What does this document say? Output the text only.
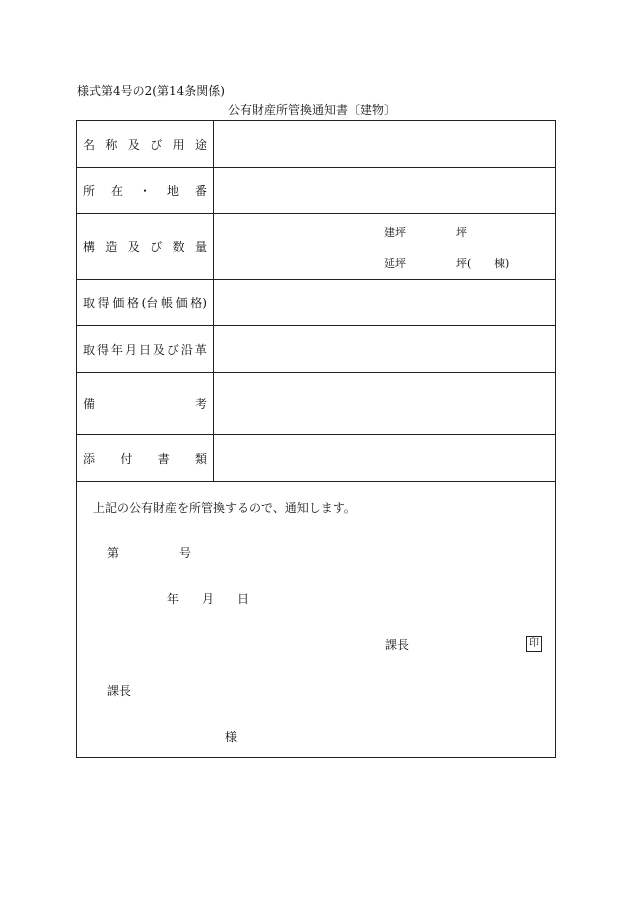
様式第4号の2(第14条関係)
公有財産所管換通知書〔建物〕
名 称 及 び 用 途
所 在 ・ 地 番
構 造 及 び 数 量
建坪	坪
延坪	坪( 棟)
取 得 価 格 (台 帳 価 格)
取 得 年 月 日 及 び 沿 革
備	考
添 付 書 類
上記の公有財産を所管換するので、通知します。
第	号
年 月 日
課長	印
課長
様
